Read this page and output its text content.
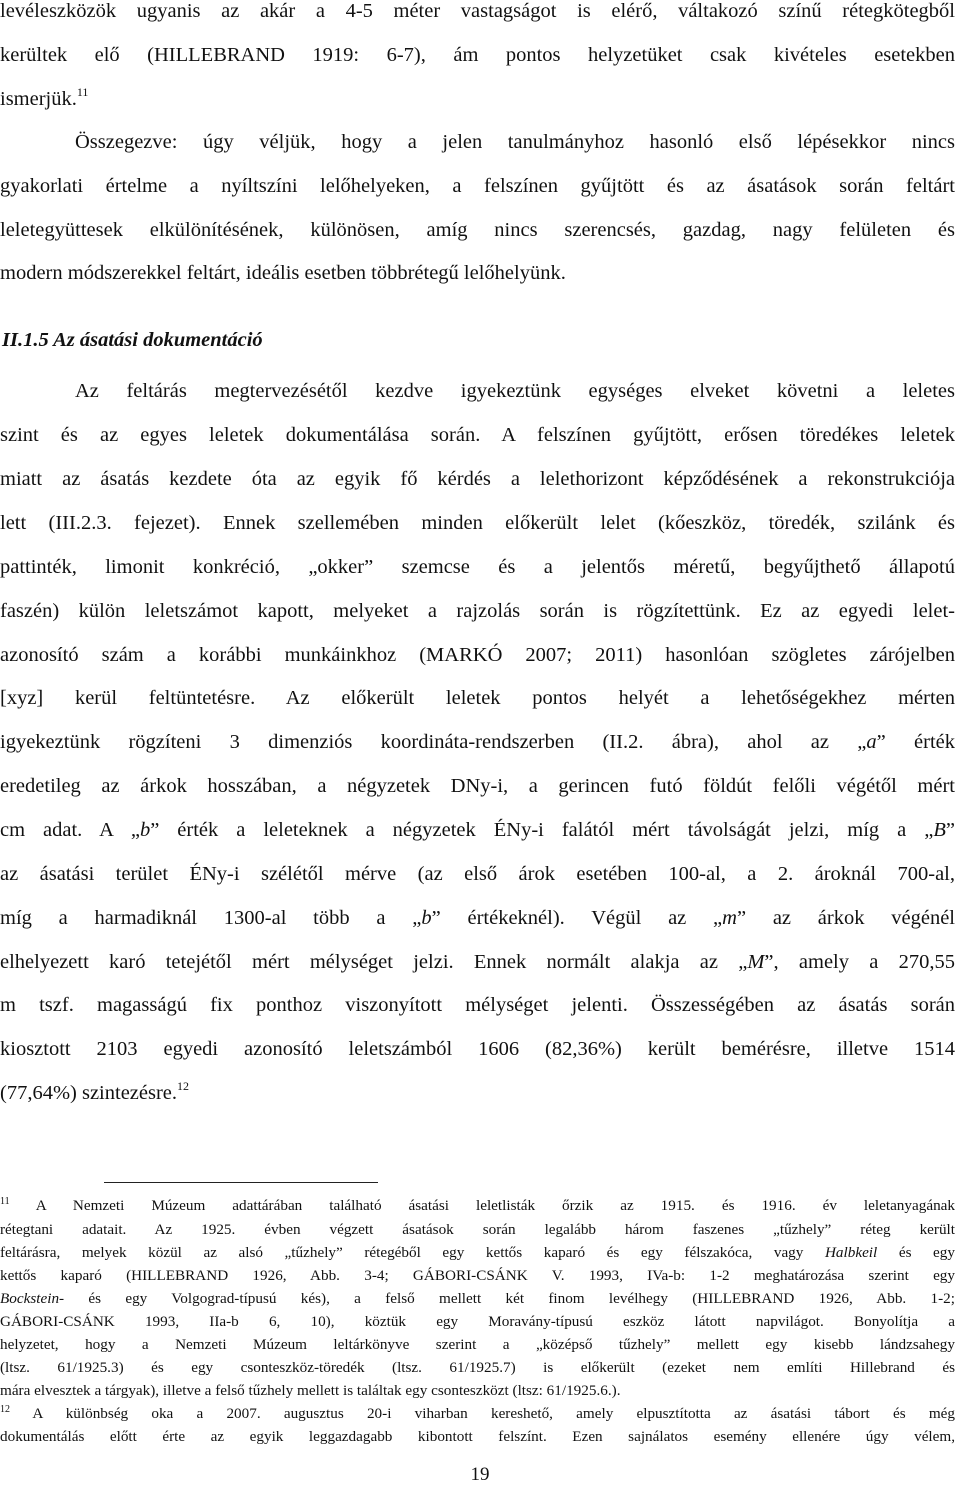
levéleszközök ugyanis az akár a 4-5 méter vastagságot is elérő, váltakozó színű rétegkötegből
kerültek elő (HILLEBRAND 1919: 6-7), ám pontos helyzetüket csak kivételes esetekben
ismerjük.$^{11}$
Összegezve: úgy véljük, hogy a jelen tanulmányhoz hasonló első lépésekkor nincs
gyakorlati értelme a nyíltszíni lelőhelyeken, a felszínen gyűjtött és az ásatások során feltárt
leletegyüttesek elkülönítésének, különösen, amíg nincs szerencsés, gazdag, nagy felületen és
modern módszerekkel feltárt, ideális esetben többrétegű lelőhelyünk.
II.1.5 Az ásatási dokumentáció
Az feltárás megtervezésétől kezdve igyekeztünk egységes elveket követni a leletes
szint és az egyes leletek dokumentálása során. A felszínen gyűjtött, erősen töredékes leletek
miatt az ásatás kezdete óta az egyik fő kérdés a lelethorizont képződésének a rekonstrukciója
lett (III.2.3. fejezet). Ennek szellemében minden előkerült lelet (kőeszköz, töredék, szilánk és
pattinték, limonit konkréció, „okker” szemcse és a jelentős méretű, begyűjthető állapotú
faszén) külön leletszámot kapott, melyeket a rajzolás során is rögzítettünk. Ez az egyedi lelet-
azonosító szám a korábbi munkáinkhoz (MARKÓ 2007; 2011) hasonlóan szögletes zárójelben
[xyz] kerül feltüntetésre. Az előkerült leletek pontos helyét a lehetőségekhez mérten
igyekeztünk rögzíteni 3 dimenziós koordináta-rendszerben (II.2. ábra), ahol az „a” érték
eredetileg az árkok hosszában, a négyzetek DNy-i, a gerincen futó földút felőli végétől mért
cm adat. A „b” érték a leleteknek a négyzetek ÉNy-i falától mért távolságát jelzi, míg a „B”
az ásatási terület ÉNy-i szélétől mérve (az első árok esetében 100-al, a 2. ároknál 700-al,
míg a harmadiknál 1300-al több a „b” értékeknél). Végül az „m” az árkok végénél
elhelyezett karó tetejétől mért mélységet jelzi. Ennek normált alakja az „M”, amely a 270,55
m tszf. magasságú fix ponthoz viszonyított mélységet jelenti. Összességében az ásatás során
kiosztott 2103 egyedi azonosító leletszámból 1606 (82,36%) került bemérésre, illetve 1514
(77,64%) szintezésre.$^{12}$
$^{11}$ A Nemzeti Múzeum adattárában található ásatási leletlisták őrzik az 1915. és 1916. év leletanyagának
rétegtani adatait. Az 1925. évben végzett ásatások során legalább három faszenes „tűzhely” réteg került
feltárásra, melyek közül az alsó „tűzhely” rétegéből egy kettős kaparó és egy félszakóca, vagy Halbkeil és egy
kettős kaparó (HILLEBRAND 1926, Abb. 3-4; GÁBORI-CSÁNK V. 1993, IVa-b: 1-2 meghatározása szerint egy
Bockstein- és egy Volgograd-típusú kés), a felső mellett két finom levélhegy (HILLEBRAND 1926, Abb. 1-2;
GÁBORI-CSÁNK 1993, IIa-b 6, 10), köztük egy Moravány-típusú eszköz látott napvilágot. Bonyolítja a
helyzetet, hogy a Nemzeti Múzeum leltárkönyve szerint a „középső tűzhely” mellett egy kisebb lándzsahegy
(ltsz. 61/1925.3) és egy csonteszköz-töredék (ltsz. 61/1925.7) is előkerült (ezeket nem említi Hillebrand és
mára elvesztek a tárgyak), illetve a felső tűzhely mellett is találtak egy csonteszközt (ltsz: 61/1925.6.).
$^{12}$ A különbség oka a 2007. augusztus 20-i viharban kereshető, amely elpusztította az ásatási tábort és még
dokumentálás előtt érte az egyik leggazdagabb kibontott felszínt. Ezen sajnálatos esemény ellenére úgy vélem,
19
